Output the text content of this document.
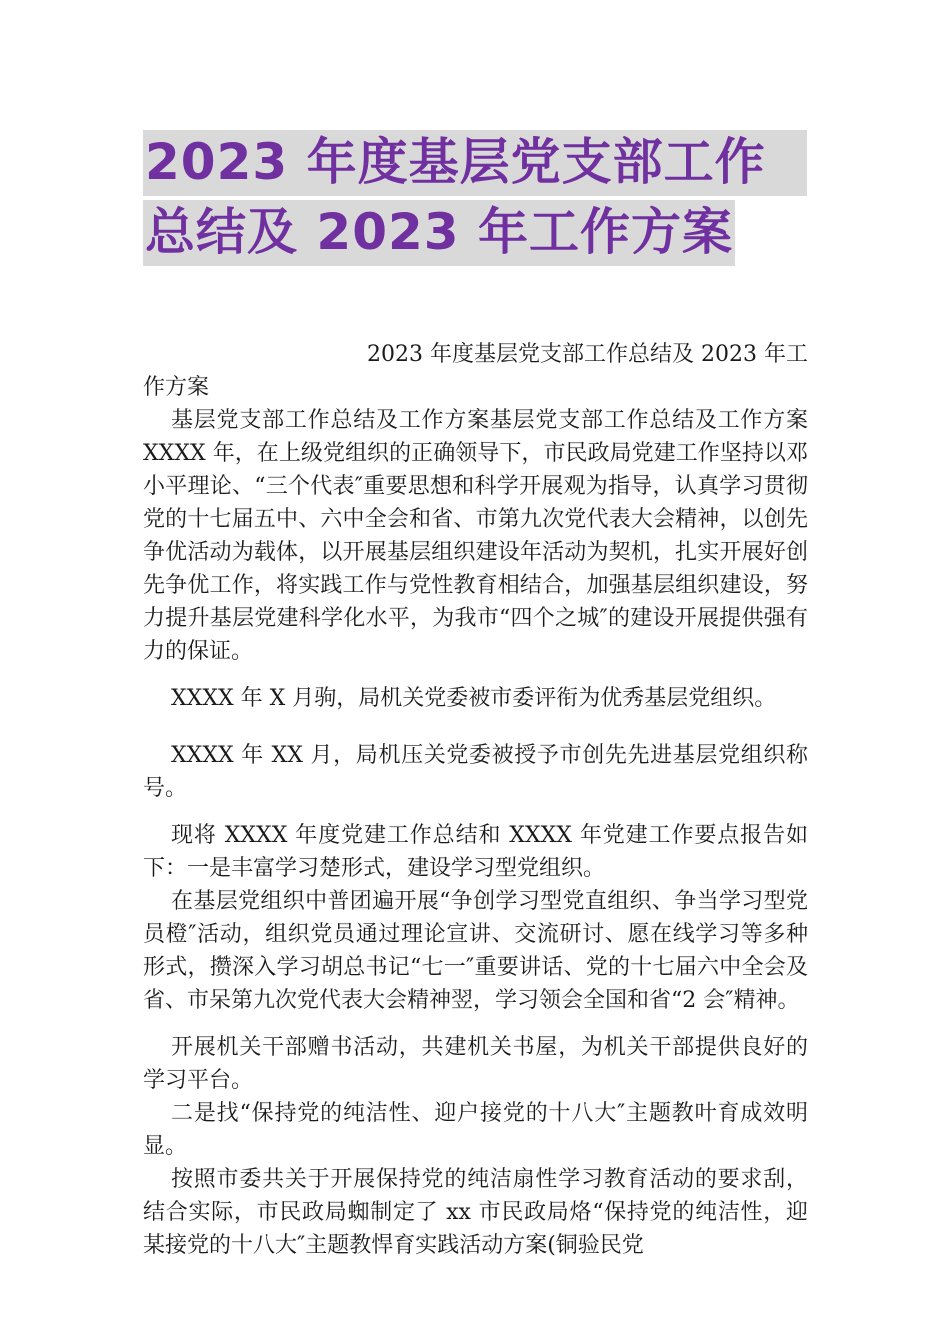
2023 年度基层党支部工作
总结及 2023 年工作方案

2023 年度基层党支部工作总结及 2023 年工

作方案

基层党支部工作总结及工作方案基层党支部工作总结及工作方案 XXXX 年，在上级党组织的正确领导下，市民政局党建工作坚持以邓小平理论、“三个代表″重要思想和科学开展观为指导，认真学习贯彻党的十七届五中、六中全会和省、市第九次党代表大会精神，以创先争优活动为载体，以开展基层组织建设年活动为契机，扎实开展好创先争优工作，将实践工作与党性教育相结合，加强基层组织建设，努力提升基层党建科学化水平，为我市“四个之城″的建设开展提供强有力的保证。

XXXX 年 X 月驹，局机关党委被市委评衔为优秀基层党组织。

XXXX 年 XX 月，局机压关党委被授予市创先先进基层党组织称号。

现将 XXXX 年度党建工作总结和 XXXX 年党建工作要点报告如下：一是丰富学习楚形式，建设学习型党组织。

在基层党组织中普团遍开展“争创学习型党直组织、争当学习型党员橙″活动，组织党员通过理论宣讲、交流研讨、愿在线学习等多种形式，攒深入学习胡总书记“七一″重要讲话、党的十七届六中全会及省、市呆第九次党代表大会精神翌，学习领会全国和省“2 会″精神。

开展机关干部赠书活动，共建机关书屋，为机关干部提供良好的学习平台。

二是找“保持党的纯洁性、迎户接党的十八大″主题教叶育成效明显。

按照市委共关于开展保持党的纯洁扇性学习教育活动的要求刮，结合实际，市民政局蜘制定了 xx 市民政局烙“保持党的纯洁性，迎某接党的十八大″主题教悍育实践活动方案(铜验民党
